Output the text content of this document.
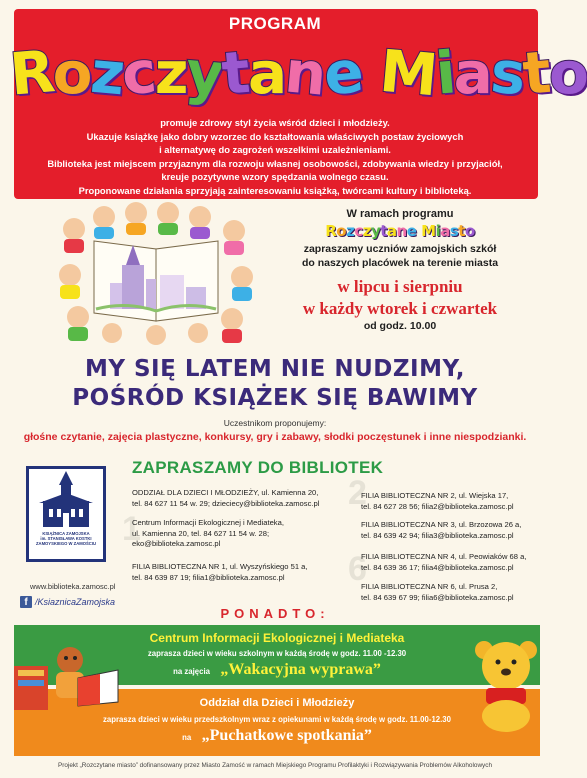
PROGRAM
Rozczytane Miasto
promuje zdrowy styl życia wśród dzieci i młodzieży.
Ukazuje książkę jako dobry wzorzec do kształtowania właściwych postaw życiowych
i alternatywę do zagrożeń wszelkimi uzależnieniami.
Biblioteka jest miejscem przyjaznym dla rozwoju własnej osobowości, zdobywania wiedzy i przyjaciół,
kreuje pozytywne wzory spędzania wolnego czasu.
Proponowane działania sprzyjają zainteresowaniu książką, twórcami kultury i biblioteką.
W ramach programu
Rozczytane Miasto
zapraszamy uczniów zamojskich szkół
do naszych placówek na terenie miasta
w lipcu i sierpniu
w każdy wtorek i czwartek
od godz. 10.00
MY SIĘ LATEM NIE NUDZIMY,
POŚRÓD KSIĄŻEK SIĘ BAWIMY
Uczestnikom proponujemy:
głośne czytanie, zajęcia plastyczne, konkursy, gry i zabawy, słodki poczęstunek i inne niespodzianki.
ZAPRASZAMY DO BIBLIOTEK
1
2
6
KSIĄŻNICA ZAMOJSKA
im. STANISŁAWA KOSTKI
ZAMOYSKIEGO W ZAMOŚCIU
www.biblioteka.zamosc.pl
f /KsiaznicaZamojska
ODDZIAŁ DLA DZIECI I MŁODZIEŻY, ul. Kamienna 20,
tel. 84 627 11 54 w. 29; dzieciecy@biblioteka.zamosc.pl
Centrum Informacji Ekologicznej i Mediateka,
ul. Kamienna 20, tel. 84 627 11 54 w. 28;
eko@biblioteka.zamosc.pl
FILIA BIBLIOTECZNA NR 1, ul. Wyszyńskiego 51 a,
tel. 84 639 87 19; filia1@biblioteka.zamosc.pl
FILIA BIBLIOTECZNA NR 2, ul. Wiejska 17,
tel. 84 627 28 56; filia2@biblioteka.zamosc.pl
FILIA BIBLIOTECZNA NR 3, ul. Brzozowa 26 a,
tel. 84 639 42 94; filia3@biblioteka.zamosc.pl
FILIA BIBLIOTECZNA NR 4, ul. Peowiaków 68 a,
tel. 84 639 36 17; filia4@biblioteka.zamosc.pl
FILIA BIBLIOTECZNA NR 6, ul. Prusa 2,
tel. 84 639 67 99; filia6@biblioteka.zamosc.pl
PONADTO:
Centrum Informacji Ekologicznej i Mediateka
zaprasza dzieci w wieku szkolnym w każdą środę w godz. 11.00 -12.30
na zajęcia „Wakacyjna wyprawa”
Oddział dla Dzieci i Młodzieży
zaprasza dzieci w wieku przedszkolnym wraz z opiekunami w każdą środę w godz. 11.00-12.30
na „Puchatkowe spotkania”
Projekt „Rozczytane miasto” dofinansowany przez Miasto Zamość w ramach Miejskiego Programu Profilaktyki i Rozwiązywania Problemów Alkoholowych
